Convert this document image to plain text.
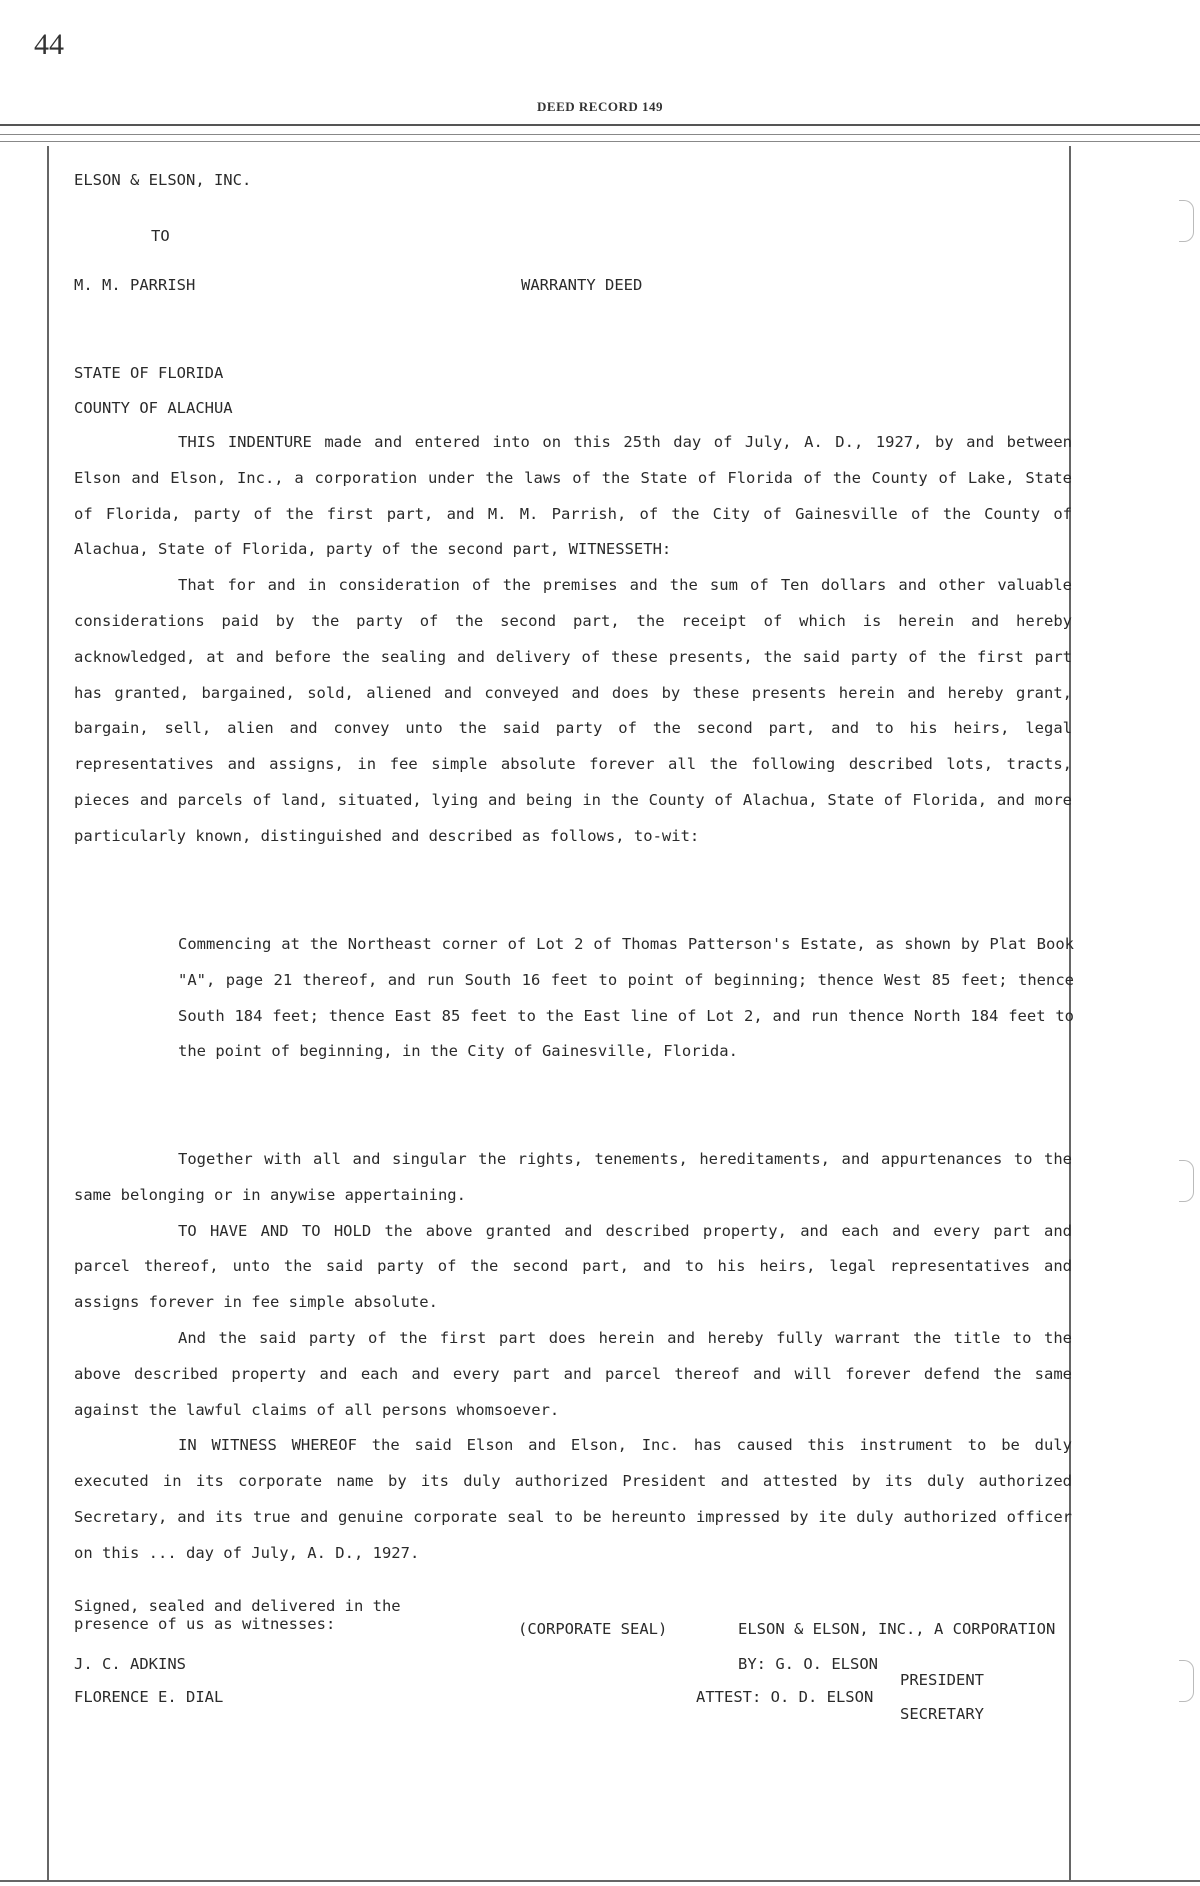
44
DEED RECORD 149
ELSON & ELSON, INC.
TO
M. M. PARRISH	WARRANTY DEED
STATE OF FLORIDA
COUNTY OF ALACHUA

THIS INDENTURE made and entered into on this 25th day of July, A. D., 1927, by and between Elson and Elson, Inc., a corporation under the laws of the State of Florida of the County of Lake, State of Florida, party of the first part, and M. M. Parrish, of the City of Gainesville of the County of Alachua, State of Florida, party of the second part, WITNESSETH:

That for and in consideration of the premises and the sum of Ten dollars and other valuable considerations paid by the party of the second part, the receipt of which is herein and hereby acknowledged, at and before the sealing and delivery of these presents, the said party of the first part has granted, bargained, sold, aliened and conveyed and does by these presents herein and hereby grant, bargain, sell, alien and convey unto the said party of the second part, and to his heirs, legal representatives and assigns, in fee simple absolute forever all the following described lots, tracts, pieces and parcels of land, situated, lying and being in the County of Alachua, State of Florida, and more particularly known, distinguished and described as follows, to-wit:

Commencing at the Northeast corner of Lot 2 of Thomas Patterson's Estate, as shown by Plat Book "A", page 21 thereof, and run South 16 feet to point of beginning; thence West 85 feet; thence South 184 feet; thence East 85 feet to the East line of Lot 2, and run thence North 184 feet to the point of beginning, in the City of Gainesville, Florida.

Together with all and singular the rights, tenements, hereditaments, and appurtenances to the same belonging or in anywise appertaining.

TO HAVE AND TO HOLD the above granted and described property, and each and every part and parcel thereof, unto the said party of the second part, and to his heirs, legal representatives and assigns forever in fee simple absolute.

And the said party of the first part does herein and hereby fully warrant the title to the above described property and each and every part and parcel thereof and will forever defend the same against the lawful claims of all persons whomsoever.

IN WITNESS WHEREOF the said Elson and Elson, Inc. has caused this instrument to be duly executed in its corporate name by its duly authorized President and attested by its duly authorized Secretary, and its true and genuine corporate seal to be hereunto impressed by ite duly authorized officer on this ... day of July, A. D., 1927.

Signed, sealed and delivered in the
presence of us as witnesses:	(CORPORATE SEAL)	ELSON & ELSON, INC., A CORPORATION
J. C. ADKINS	BY: G. O. ELSON
PRESIDENT
FLORENCE E. DIAL	ATTEST: O. D. ELSON
SECRETARY
